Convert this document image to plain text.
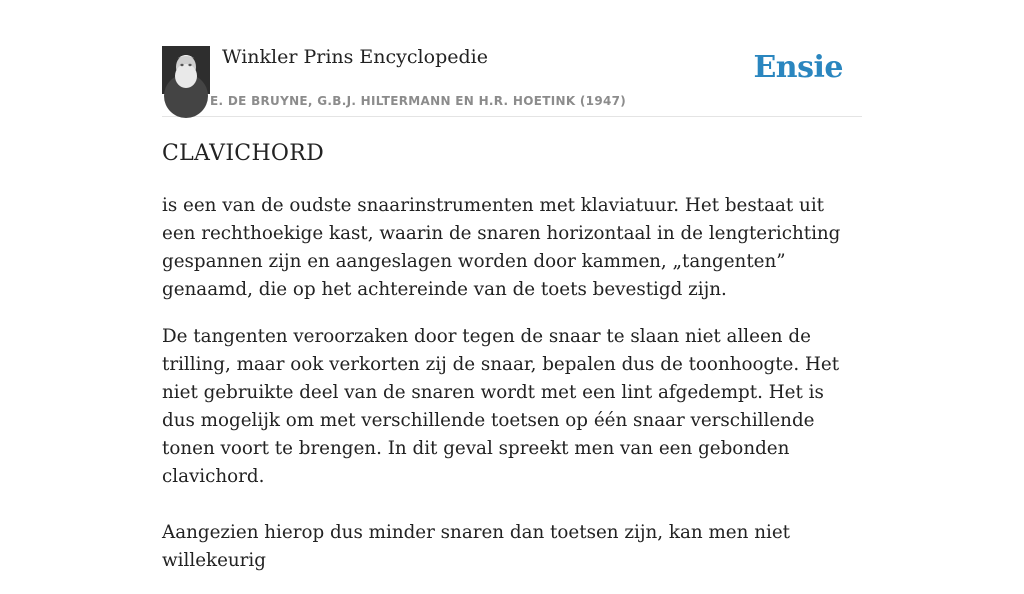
Winkler Prins Encyclopedie
E. DE BRUYNE, G.B.J. HILTERMANN EN H.R. HOETINK (1947)
Ensie
CLAVICHORD

is een van de oudste snaarinstrumenten met klaviatuur. Het bestaat uit een rechthoekige kast, waarin de snaren horizontaal in de lengterichting gespannen zijn en aangeslagen worden door kammen, „tangenten” genaamd, die op het achtereinde van de toets bevestigd zijn.

De tangenten veroorzaken door tegen de snaar te slaan niet alleen de trilling, maar ook verkorten zij de snaar, bepalen dus de toonhoogte. Het niet gebruikte deel van de snaren wordt met een lint afgedempt. Het is dus mogelijk om met verschillende toetsen op één snaar verschillende tonen voort te brengen. In dit geval spreekt men van een gebonden clavichord.

Aangezien hierop dus minder snaren dan toetsen zijn, kan men niet willekeurig
